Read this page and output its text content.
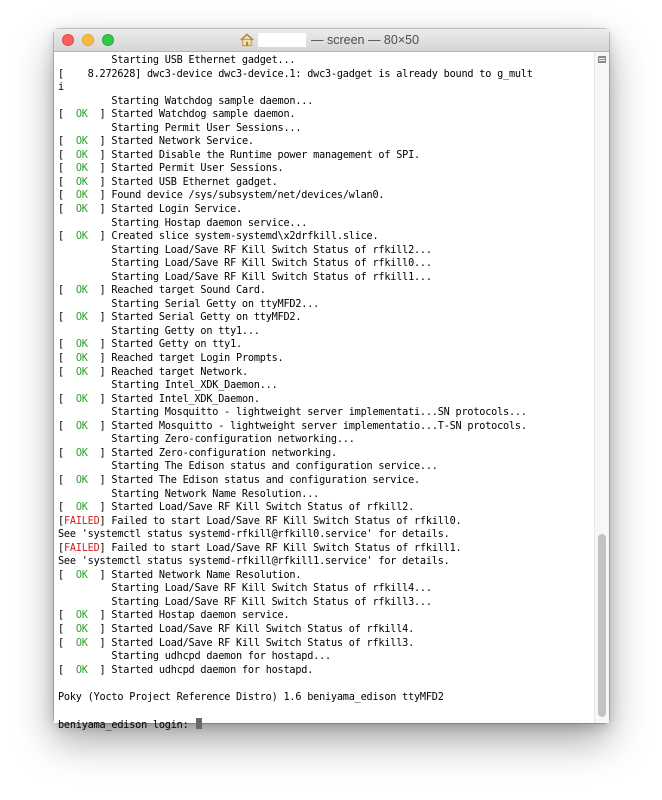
— screen — 80×50
Starting USB Ethernet gadget...
[    8.272628] dwc3-device dwc3-device.1: dwc3-gadget is already bound to g_mult
i
Starting Watchdog sample daemon...
[  OK  ] Started Watchdog sample daemon.
Starting Permit User Sessions...
[  OK  ] Started Network Service.
[  OK  ] Started Disable the Runtime power management of SPI.
[  OK  ] Started Permit User Sessions.
[  OK  ] Started USB Ethernet gadget.
[  OK  ] Found device /sys/subsystem/net/devices/wlan0.
[  OK  ] Started Login Service.
Starting Hostap daemon service...
[  OK  ] Created slice system-systemd\x2drfkill.slice.
Starting Load/Save RF Kill Switch Status of rfkill2...
Starting Load/Save RF Kill Switch Status of rfkill0...
Starting Load/Save RF Kill Switch Status of rfkill1...
[  OK  ] Reached target Sound Card.
Starting Serial Getty on ttyMFD2...
[  OK  ] Started Serial Getty on ttyMFD2.
Starting Getty on tty1...
[  OK  ] Started Getty on tty1.
[  OK  ] Reached target Login Prompts.
[  OK  ] Reached target Network.
Starting Intel_XDK_Daemon...
[  OK  ] Started Intel_XDK_Daemon.
Starting Mosquitto - lightweight server implementati...SN protocols...
[  OK  ] Started Mosquitto - lightweight server implementatio...T-SN protocols.
Starting Zero-configuration networking...
[  OK  ] Started Zero-configuration networking.
Starting The Edison status and configuration service...
[  OK  ] Started The Edison status and configuration service.
Starting Network Name Resolution...
[  OK  ] Started Load/Save RF Kill Switch Status of rfkill2.
[FAILED] Failed to start Load/Save RF Kill Switch Status of rfkill0.
See 'systemctl status systemd-rfkill@rfkill0.service' for details.
[FAILED] Failed to start Load/Save RF Kill Switch Status of rfkill1.
See 'systemctl status systemd-rfkill@rfkill1.service' for details.
[  OK  ] Started Network Name Resolution.
Starting Load/Save RF Kill Switch Status of rfkill4...
Starting Load/Save RF Kill Switch Status of rfkill3...
[  OK  ] Started Hostap daemon service.
[  OK  ] Started Load/Save RF Kill Switch Status of rfkill4.
[  OK  ] Started Load/Save RF Kill Switch Status of rfkill3.
Starting udhcpd daemon for hostapd...
[  OK  ] Started udhcpd daemon for hostapd.
Poky (Yocto Project Reference Distro) 1.6 beniyama_edison ttyMFD2
beniyama_edison login:
